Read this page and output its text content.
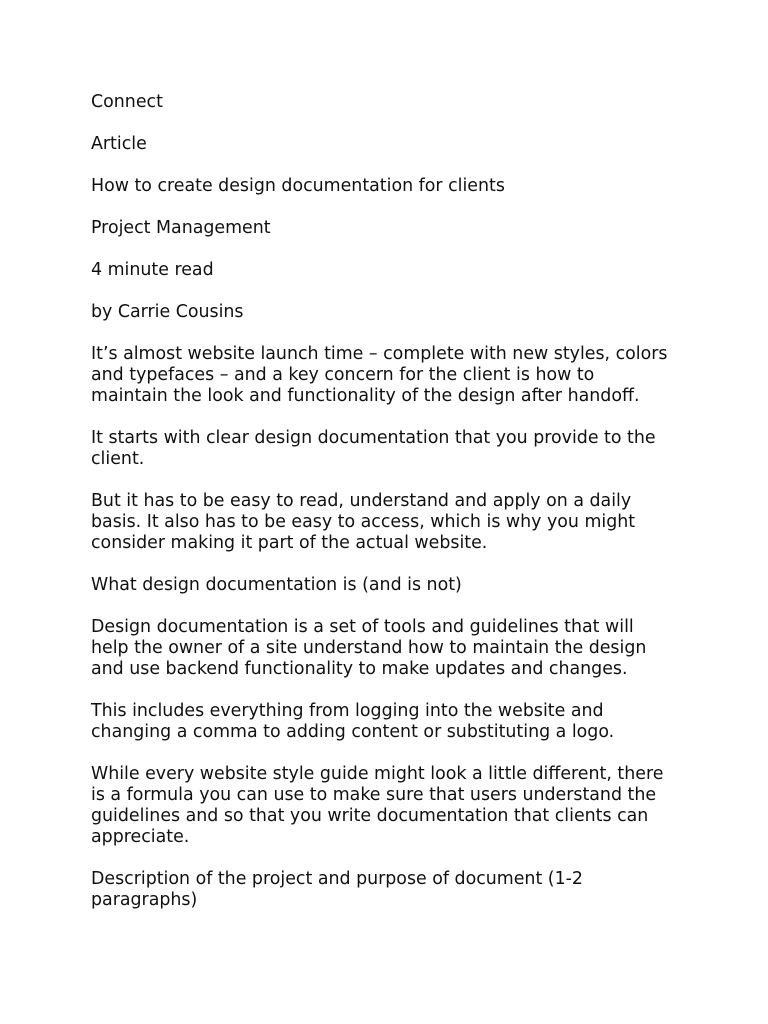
Connect
Article
How to create design documentation for clients
Project Management
4 minute read
by Carrie Cousins
It’s almost website launch time – complete with new styles, colors
and typefaces – and a key concern for the client is how to
maintain the look and functionality of the design after handoff.
It starts with clear design documentation that you provide to the
client.
But it has to be easy to read, understand and apply on a daily
basis. It also has to be easy to access, which is why you might
consider making it part of the actual website.
What design documentation is (and is not)
Design documentation is a set of tools and guidelines that will
help the owner of a site understand how to maintain the design
and use backend functionality to make updates and changes.
This includes everything from logging into the website and
changing a comma to adding content or substituting a logo.
While every website style guide might look a little different, there
is a formula you can use to make sure that users understand the
guidelines and so that you write documentation that clients can
appreciate.
Description of the project and purpose of document (1-2
paragraphs)
